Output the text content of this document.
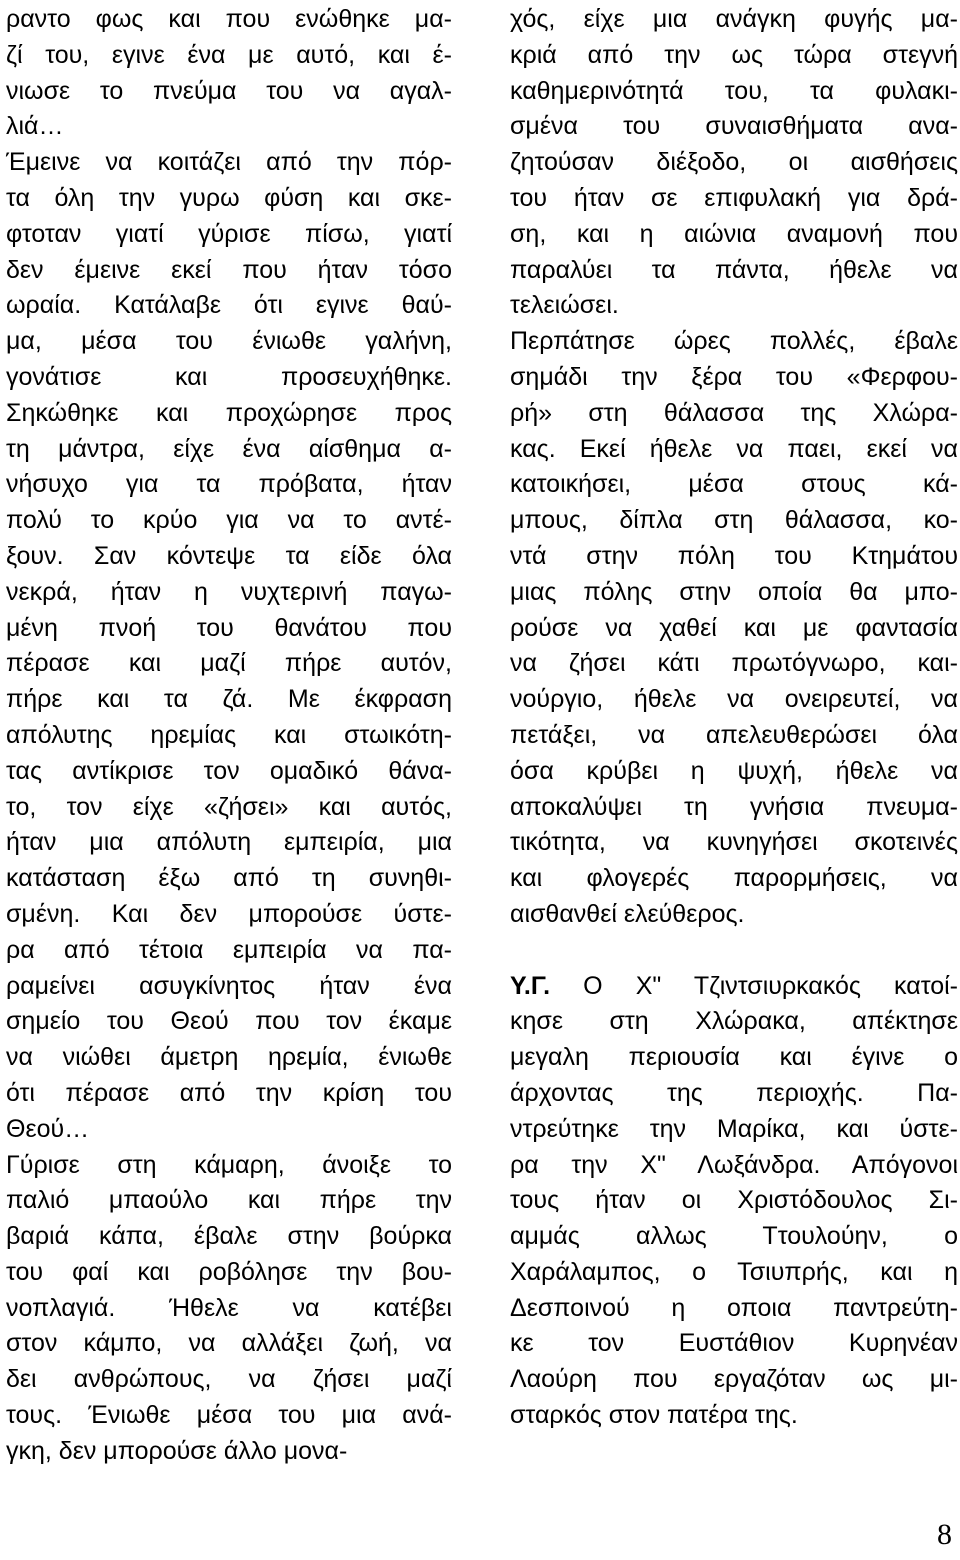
ραντο φως και που ενώθηκε μα-
ζί του, εγινε ένα με αυτό, και έ-
νιωσε το πνεύμα του να αγαλ-
λιά…
Έμεινε να κοιτάζει από την πόρ-
τα όλη την γυρω φύση και σκε-
φτοταν γιατί γύρισε πίσω, γιατί
δεν έμεινε εκεί που ήταν τόσο
ωραία. Κατάλαβε ότι εγινε θαύ-
μα, μέσα του ένιωθε γαλήνη,
γονάτισε και προσευχήθηκε.
Σηκώθηκε και προχώρησε προς
τη μάντρα, είχε ένα αίσθημα α-
νήσυχο για τα πρόβατα, ήταν
πολύ το κρύο για να το αντέ-
ξουν. Σαν κόντεψε τα είδε όλα
νεκρά, ήταν η νυχτερινή παγω-
μένη πνοή του θανάτου που
πέρασε και μαζί πήρε αυτόν,
πήρε και τα ζά. Με έκφραση
απόλυτης ηρεμίας και στωικότη-
τας αντίκρισε τον ομαδικό θάνα-
το, τον είχε «ζήσει» και αυτός,
ήταν μια απόλυτη εμπειρία, μια
κατάσταση έξω από τη συνηθι-
σμένη. Και δεν μπορούσε ύστε-
ρα από τέτοια εμπειρία να πα-
ραμείνει ασυγκίνητος ήταν ένα
σημείο του Θεού που τον έκαμε
να νιώθει άμετρη ηρεμία, ένιωθε
ότι πέρασε από την κρίση του
Θεού…
Γύρισε στη κάμαρη, άνοιξε το
παλιό μπαούλο και πήρε την
βαριά κάπα, έβαλε στην βούρκα
του φαί και ροβόλησε την βου-
νοπλαγιά. Ήθελε να κατέβει
στον κάμπο, να αλλάξει ζωή, να
δει ανθρώπους, να ζήσει μαζί
τους. Ένιωθε μέσα του μια ανά-
γκη, δεν μπορούσε άλλο μονα-
χός, είχε μια ανάγκη φυγής μα-
κριά από την ως τώρα στεγνή
καθημερινότητά του, τα φυλακι-
σμένα του συναισθήματα ανα-
ζητούσαν διέξοδο, οι αισθήσεις
του ήταν σε επιφυλακή για δρά-
ση, και η αιώνια αναμονή που
παραλύει τα πάντα, ήθελε να
τελειώσει.
Περπάτησε ώρες πολλές, έβαλε
σημάδι την ξέρα του «Φερφου-
ρή» στη θάλασσα της Χλώρα-
κας. Εκεί ήθελε να παει, εκεί να
κατοικήσει, μέσα στους κά-
μπους, δίπλα στη θάλασσα, κο-
ντά στην πόλη του Κτημάτου
μιας πόλης στην οποία θα μπο-
ρούσε να χαθεί και με φαντασία
να ζήσει κάτι πρωτόγνωρο, και-
νούργιο, ήθελε να ονειρευτεί, να
πετάξει, να απελευθερώσει όλα
όσα κρύβει η ψυχή, ήθελε να
αποκαλύψει τη γνήσια πνευμα-
τικότητα, να κυνηγήσει σκοτεινές
και φλογερές παρορμήσεις, να
αισθανθεί ελεύθερος.
Υ.Γ. Ο Χ" Τζιντσιυρκακός κατοί-
κησε στη Χλώρακα, απέκτησε
μεγαλη περιουσία και έγινε ο
άρχοντας της περιοχής. Πα-
ντρεύτηκε την Μαρίκα, και ύστε-
ρα την Χ" Λωξάνδρα. Απόγονοι
τους ήταν οι Χριστόδουλος Σι-
αμμάς αλλως Ττουλούην, ο
Χαράλαμπος, ο Τσιυπρής, και η
Δεσποινού η οποια παντρεύτη-
κε τον Ευστάθιον Κυρηνέαν
Λαούρη που εργαζόταν ως μι-
σταρκός στον πατέρα της.
8
